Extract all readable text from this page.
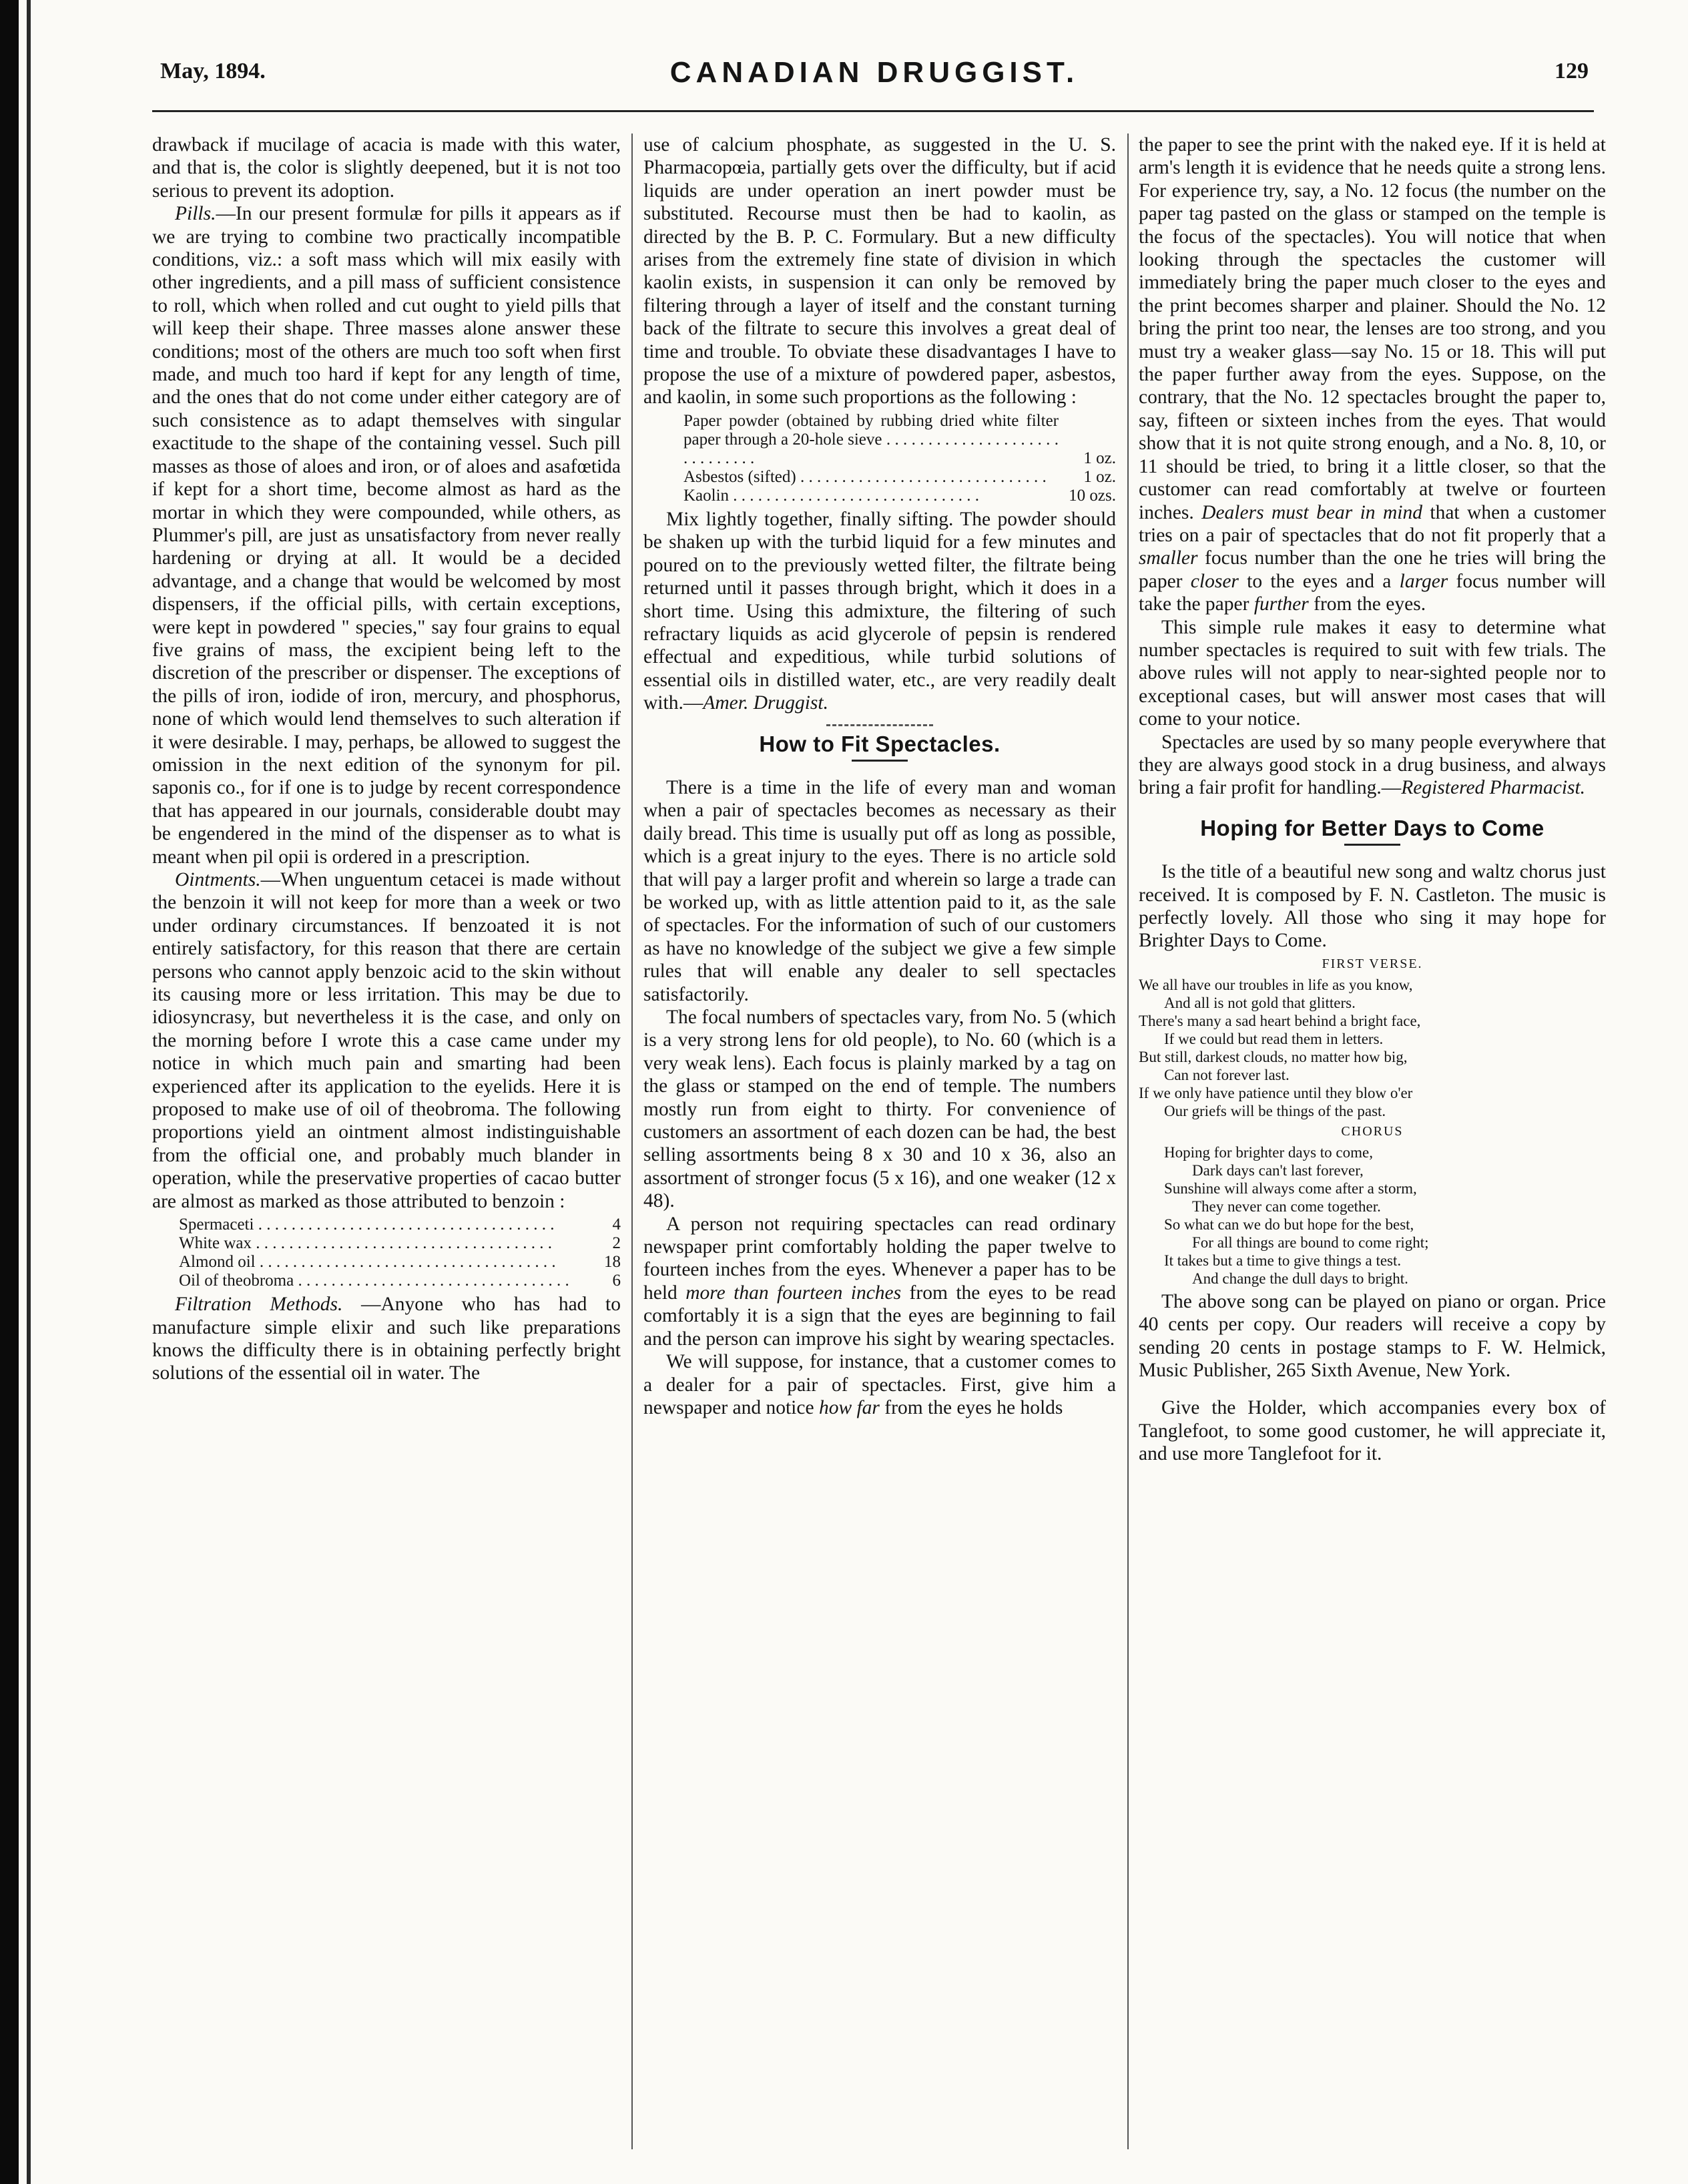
May, 1894.	CANADIAN DRUGGIST.	129

drawback if mucilage of acacia is made with this water, and that is, the color is slightly deepened, but it is not too serious to prevent its adoption.

Pills.—In our present formulæ for pills it appears as if we are trying to combine two practically incompatible conditions, viz.: a soft mass which will mix easily with other ingredients, and a pill mass of sufficient consistence to roll, which when rolled and cut ought to yield pills that will keep their shape. Three masses alone answer these conditions; most of the others are much too soft when first made, and much too hard if kept for any length of time, and the ones that do not come under either category are of such consistence as to adapt themselves with singular exactitude to the shape of the containing vessel. Such pill masses as those of aloes and iron, or of aloes and asafœtida if kept for a short time, become almost as hard as the mortar in which they were compounded, while others, as Plummer's pill, are just as unsatisfactory from never really hardening or drying at all. It would be a decided advantage, and a change that would be welcomed by most dispensers, if the official pills, with certain exceptions, were kept in powdered " species," say four grains to equal five grains of mass, the excipient being left to the discretion of the prescriber or dispenser. The exceptions of the pills of iron, iodide of iron, mercury, and phosphorus, none of which would lend themselves to such alteration if it were desirable. I may, perhaps, be allowed to suggest the omission in the next edition of the synonym for pil. saponis co., for if one is to judge by recent correspondence that has appeared in our journals, considerable doubt may be engendered in the mind of the dispenser as to what is meant when pil opii is ordered in a prescription.

Ointments.—When unguentum cetacei is made without the benzoin it will not keep for more than a week or two under ordinary circumstances. If benzoated it is not entirely satisfactory, for this reason that there are certain persons who cannot apply benzoic acid to the skin without its causing more or less irritation. This may be due to idiosyncrasy, but nevertheless it is the case, and only on the morning before I wrote this a case came under my notice in which much pain and smarting had been experienced after its application to the eyelids. Here it is proposed to make use of oil of theobroma. The following proportions yield an ointment almost indistinguishable from the official one, and probably much blander in operation, while the preservative properties of cacao butter are almost as marked as those attributed to benzoin :

Spermaceti . . .	4
White wax . . .	2
Almond oil . . .	18
Oil of theobroma . . .	6

Filtration Methods. —Anyone who has had to manufacture simple elixir and such like preparations knows the difficulty there is in obtaining perfectly bright solutions of the essential oil in water. The

use of calcium phosphate, as suggested in the U. S. Pharmacopœia, partially gets over the difficulty, but if acid liquids are under operation an inert powder must be substituted. Recourse must then be had to kaolin, as directed by the B. P. C. Formulary. But a new difficulty arises from the extremely fine state of division in which kaolin exists, in suspension it can only be removed by filtering through a layer of itself and the constant turning back of the filtrate to secure this involves a great deal of time and trouble. To obviate these disadvantages I have to propose the use of a mixture of powdered paper, asbestos, and kaolin, in some such proportions as the following :

Paper powder (obtained by rubbing dried white filter paper through a 20-hole sieve . . .
1 oz.
Asbestos (sifted) . . .	1 oz.
Kaolin . . .	10 ozs.

Mix lightly together, finally sifting. The powder should be shaken up with the turbid liquid for a few minutes and poured on to the previously wetted filter, the filtrate being returned until it passes through bright, which it does in a short time. Using this admixture, the filtering of such refractary liquids as acid glycerole of pepsin is rendered effectual and expeditious, while turbid solutions of essential oils in distilled water, etc., are very readily dealt with.—Amer. Druggist.

How to Fit Spectacles.

There is a time in the life of every man and woman when a pair of spectacles becomes as necessary as their daily bread. This time is usually put off as long as possible, which is a great injury to the eyes. There is no article sold that will pay a larger profit and wherein so large a trade can be worked up, with as little attention paid to it, as the sale of spectacles. For the information of such of our customers as have no knowledge of the subject we give a few simple rules that will enable any dealer to sell spectacles satisfactorily.

The focal numbers of spectacles vary, from No. 5 (which is a very strong lens for old people), to No. 60 (which is a very weak lens). Each focus is plainly marked by a tag on the glass or stamped on the end of temple. The numbers mostly run from eight to thirty. For convenience of customers an assortment of each dozen can be had, the best selling assortments being 8 x 30 and 10 x 36, also an assortment of stronger focus (5 x 16), and one weaker (12 x 48).

A person not requiring spectacles can read ordinary newspaper print comfortably holding the paper twelve to fourteen inches from the eyes. Whenever a paper has to be held more than fourteen inches from the eyes to be read comfortably it is a sign that the eyes are beginning to fail and the person can improve his sight by wearing spectacles.

We will suppose, for instance, that a customer comes to a dealer for a pair of spectacles. First, give him a newspaper and notice how far from the eyes he holds

the paper to see the print with the naked eye. If it is held at arm's length it is evidence that he needs quite a strong lens. For experience try, say, a No. 12 focus (the number on the paper tag pasted on the glass or stamped on the temple is the focus of the spectacles). You will notice that when looking through the spectacles the customer will immediately bring the paper much closer to the eyes and the print becomes sharper and plainer. Should the No. 12 bring the print too near, the lenses are too strong, and you must try a weaker glass—say No. 15 or 18. This will put the paper further away from the eyes. Suppose, on the contrary, that the No. 12 spectacles brought the paper to, say, fifteen or sixteen inches from the eyes. That would show that it is not quite strong enough, and a No. 8, 10, or 11 should be tried, to bring it a little closer, so that the customer can read comfortably at twelve or fourteen inches. Dealers must bear in mind that when a customer tries on a pair of spectacles that do not fit properly that a smaller focus number than the one he tries will bring the paper closer to the eyes and a larger focus number will take the paper further from the eyes.

This simple rule makes it easy to determine what number spectacles is required to suit with few trials. The above rules will not apply to near-sighted people nor to exceptional cases, but will answer most cases that will come to your notice.

Spectacles are used by so many people everywhere that they are always good stock in a drug business, and always bring a fair profit for handling.—Registered Pharmacist.

Hoping for Better Days to Come

Is the title of a beautiful new song and waltz chorus just received. It is composed by F. N. Castleton. The music is perfectly lovely. All those who sing it may hope for Brighter Days to Come.

FIRST VERSE.
We all have our troubles in life as you know,
And all is not gold that glitters.
There's many a sad heart behind a bright face,
If we could but read them in letters.
But still, darkest clouds, no matter how big,
Can not forever last.
If we only have patience until they blow o'er
Our griefs will be things of the past.
CHORUS
Hoping for brighter days to come,
Dark days can't last forever,
Sunshine will always come after a storm,
They never can come together.
So what can we do but hope for the best,
For all things are bound to come right;
It takes but a time to give things a test.
And change the dull days to bright.

The above song can be played on piano or organ. Price 40 cents per copy. Our readers will receive a copy by sending 20 cents in postage stamps to F. W. Helmick, Music Publisher, 265 Sixth Avenue, New York.

Give the Holder, which accompanies every box of Tanglefoot, to some good customer, he will appreciate it, and use more Tanglefoot for it.
